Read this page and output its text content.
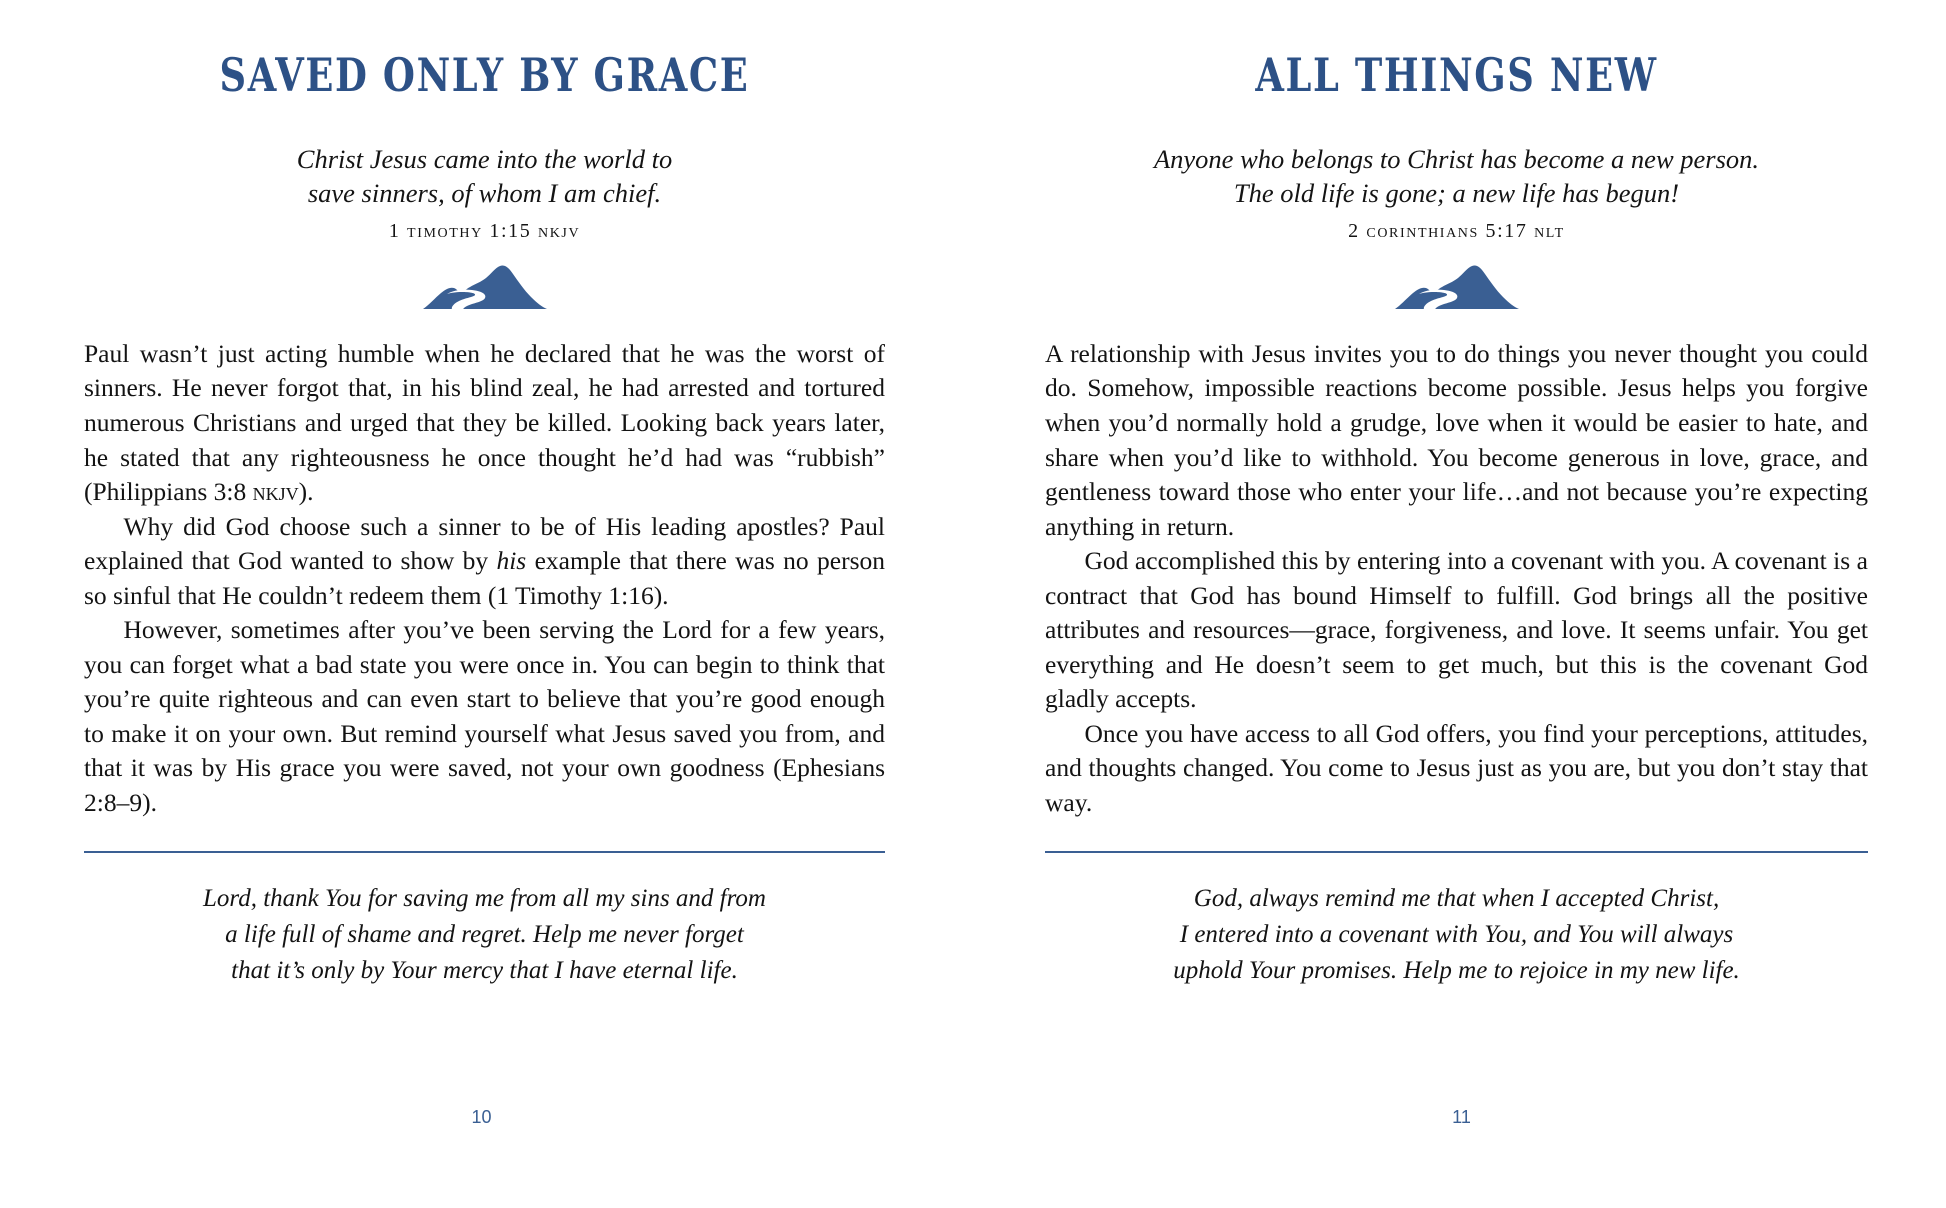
SAVED ONLY BY GRACE
Christ Jesus came into the world to
save sinners, of whom I am chief.
1 timothy 1:15 nkjv

Paul wasn’t just acting humble when he declared that he was the worst of sinners. He never forgot that, in his blind zeal, he had arrested and tortured numerous Christians and urged that they be killed. Looking back years later, he stated that any righteousness he once thought he’d had was “rubbish” (Philippians 3:8 nkjv).

Why did God choose such a sinner to be of His leading apostles? Paul explained that God wanted to show by his example that there was no person so sinful that He couldn’t redeem them (1 Timothy 1:16).

However, sometimes after you’ve been serving the Lord for a few years, you can forget what a bad state you were once in. You can begin to think that you’re quite righteous and can even start to believe that you’re good enough to make it on your own. But remind yourself what Jesus saved you from, and that it was by His grace you were saved, not your own goodness (Ephesians 2:8–9).

Lord, thank You for saving me from all my sins and from
a life full of shame and regret. Help me never forget
that it’s only by Your mercy that I have eternal life.
10
ALL THINGS NEW
Anyone who belongs to Christ has become a new person.
The old life is gone; a new life has begun!
2 corinthians 5:17 nlt

A relationship with Jesus invites you to do things you never thought you could do. Somehow, impossible reactions become possible. Jesus helps you forgive when you’d normally hold a grudge, love when it would be easier to hate, and share when you’d like to withhold. You become generous in love, grace, and gentleness toward those who enter your life…and not because you’re expecting anything in return.

God accomplished this by entering into a covenant with you. A covenant is a contract that God has bound Himself to fulfill. God brings all the positive attributes and resources—grace, forgiveness, and love. It seems unfair. You get everything and He doesn’t seem to get much, but this is the covenant God gladly accepts.

Once you have access to all God offers, you find your perceptions, attitudes, and thoughts changed. You come to Jesus just as you are, but you don’t stay that way.

God, always remind me that when I accepted Christ,
I entered into a covenant with You, and You will always
uphold Your promises. Help me to rejoice in my new life.
11
